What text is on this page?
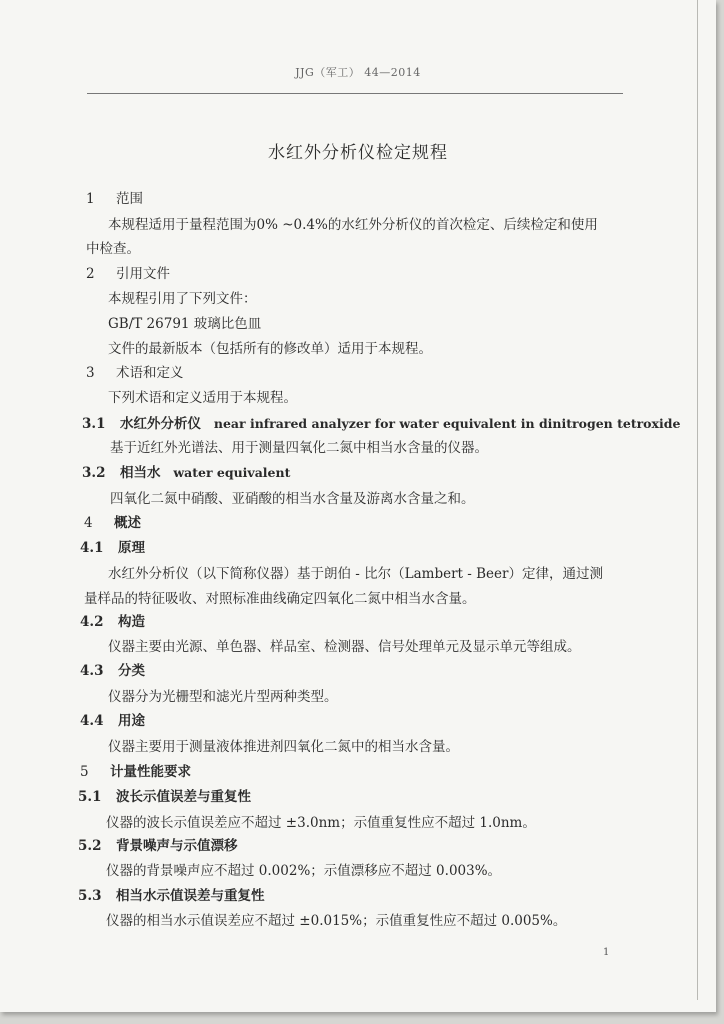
JJG（军工） 44—2014
水红外分析仪检定规程
1 范围
本规程适用于量程范围为0% ~0.4%的水红外分析仪的首次检定、后续检定和使用
中检查。
2 引用文件
本规程引用了下列文件：
GB/T 26791 玻璃比色皿
文件的最新版本（包括所有的修改单）适用于本规程。
3 术语和定义
下列术语和定义适用于本规程。
3.1 水红外分析仪 near infrared analyzer for water equivalent in dinitrogen tetroxide
基于近红外光谱法、用于测量四氧化二氮中相当水含量的仪器。
3.2 相当水 water equivalent
四氧化二氮中硝酸、亚硝酸的相当水含量及游离水含量之和。
4 概述
4.1 原理
水红外分析仪（以下简称仪器）基于朗伯 - 比尔（Lambert - Beer）定律，通过测
量样品的特征吸收、对照标准曲线确定四氧化二氮中相当水含量。
4.2 构造
仪器主要由光源、单色器、样品室、检测器、信号处理单元及显示单元等组成。
4.3 分类
仪器分为光栅型和滤光片型两种类型。
4.4 用途
仪器主要用于测量液体推进剂四氧化二氮中的相当水含量。
5 计量性能要求
5.1 波长示值误差与重复性
仪器的波长示值误差应不超过 ±3.0nm；示值重复性应不超过 1.0nm。
5.2 背景噪声与示值漂移
仪器的背景噪声应不超过 0.002%；示值漂移应不超过 0.003%。
5.3 相当水示值误差与重复性
仪器的相当水示值误差应不超过 ±0.015%；示值重复性应不超过 0.005%。
1
